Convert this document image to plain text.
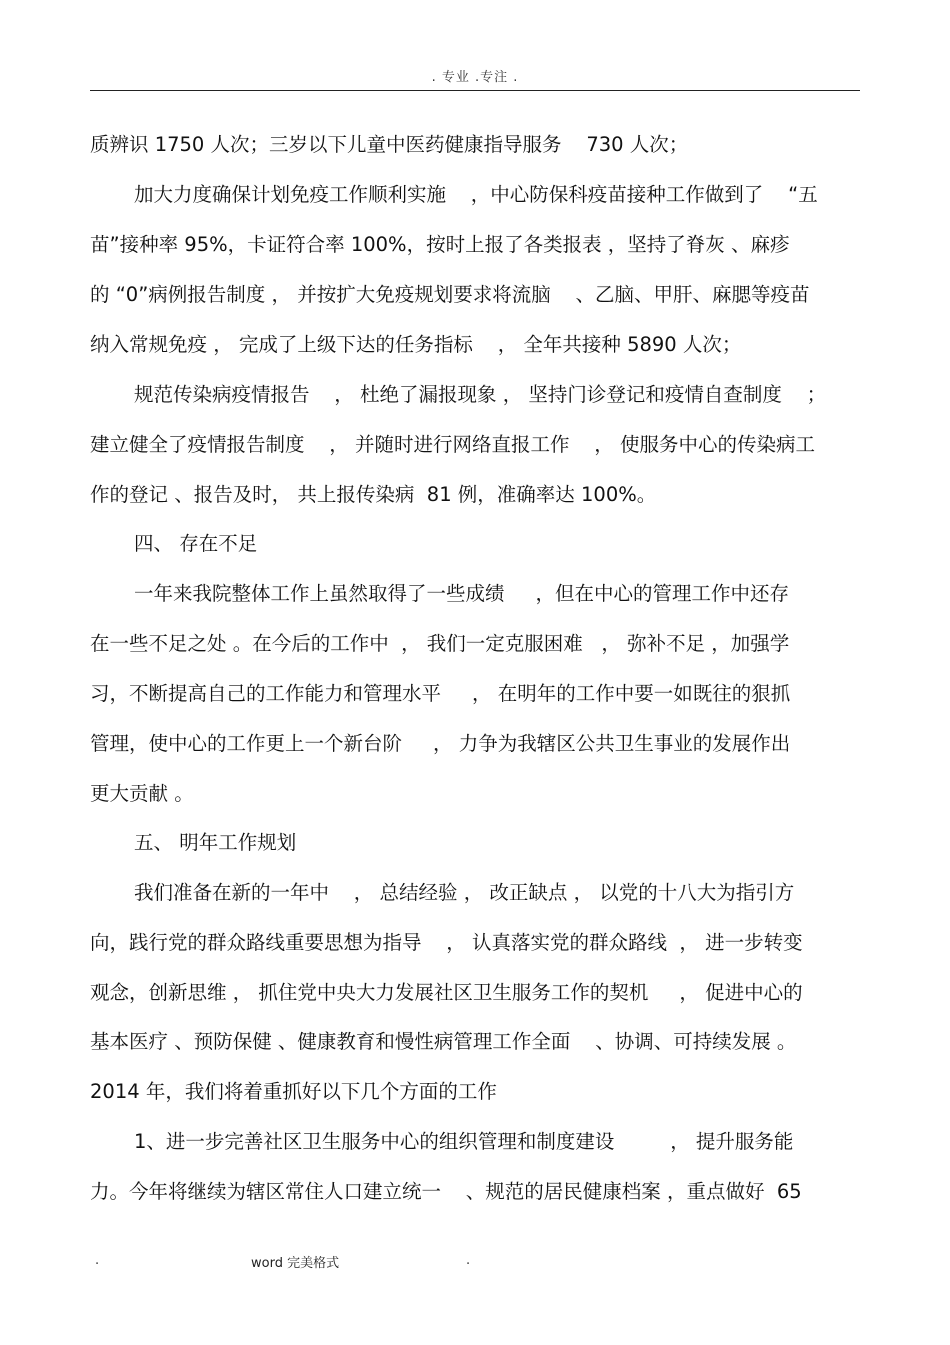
. 专业 .专注 .
质辨识 1750 人次；三岁以下儿童中医药健康指导服务    730 人次；
加大力度确保计划免疫工作顺利实施    ，中心防保科疫苗接种工作做到了    “五
苗”接种率 95%，卡证符合率 100%，按时上报了各类报表 ，坚持了脊灰 、麻疹
的 “0”病例报告制度 ， 并按扩大免疫规划要求将流脑    、乙脑、甲肝、麻腮等疫苗
纳入常规免疫 ， 完成了上级下达的任务指标    ， 全年共接种 5890 人次；
规范传染病疫情报告    ， 杜绝了漏报现象 ， 坚持门诊登记和疫情自查制度    ；
建立健全了疫情报告制度    ， 并随时进行网络直报工作    ， 使服务中心的传染病工
作的登记 、报告及时， 共上报传染病  81 例，准确率达 100%。
四、 存在不足
一年来我院整体工作上虽然取得了一些成绩     ，但在中心的管理工作中还存
在一些不足之处 。在今后的工作中  ， 我们一定克服困难   ， 弥补不足 ，加强学
习，不断提高自己的工作能力和管理水平     ， 在明年的工作中要一如既往的狠抓
管理，使中心的工作更上一个新台阶     ， 力争为我辖区公共卫生事业的发展作出
更大贡献 。
五、 明年工作规划
我们准备在新的一年中    ， 总结经验 ， 改正缺点 ， 以党的十八大为指引方
向，践行党的群众路线重要思想为指导    ， 认真落实党的群众路线  ， 进一步转变
观念，创新思维 ， 抓住党中央大力发展社区卫生服务工作的契机     ， 促进中心的
基本医疗 、预防保健 、健康教育和慢性病管理工作全面    、协调、可持续发展 。
2014 年，我们将着重抓好以下几个方面的工作
1、进一步完善社区卫生服务中心的组织管理和制度建设         ， 提升服务能
力。今年将继续为辖区常住人口建立统一    、规范的居民健康档案 ，重点做好  65
.	word 完美格式	.
